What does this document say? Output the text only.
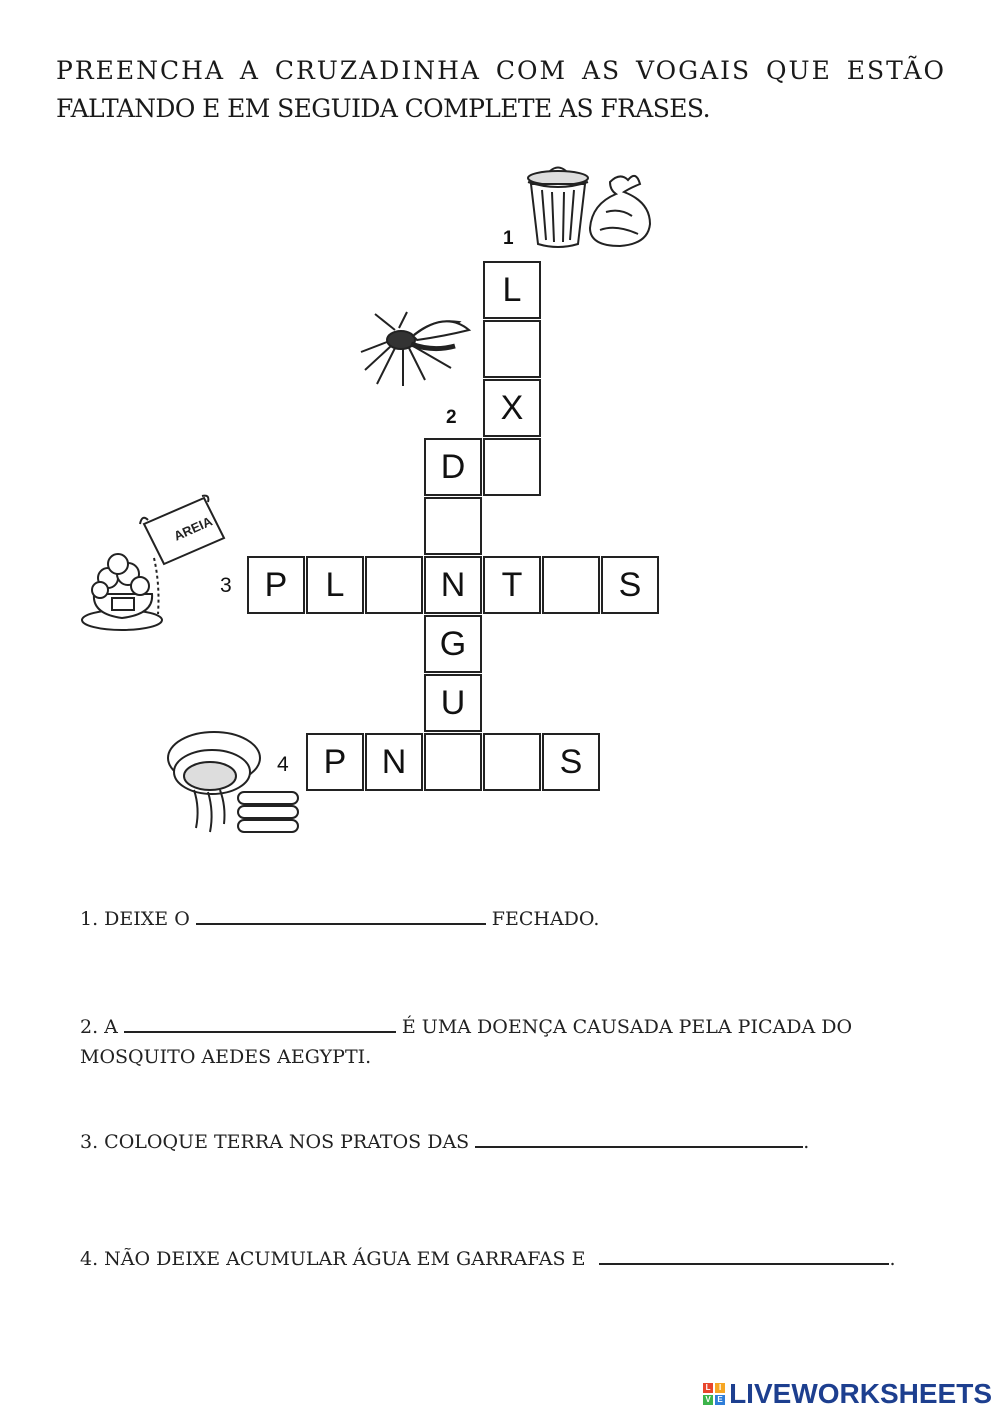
PREENCHA A CRUZADINHA COM AS VOGAIS QUE ESTÃO
FALTANDO E EM SEGUIDA COMPLETE AS FRASES.
1
2
3
4
L
X
D
N
G
U
P	L	T	S
P	N	S
AREIA
1. DEIXE O	FECHADO.
2. A	É UMA DOENÇA CAUSADA PELA PICADA DO
MOSQUITO AEDES AEGYPTI.
3. COLOQUE TERRA NOS PRATOS DAS	.
4. NÃO DEIXE ACUMULAR ÁGUA EM GARRAFAS E	.
L	I
V E LIVEWORKSHEETS
